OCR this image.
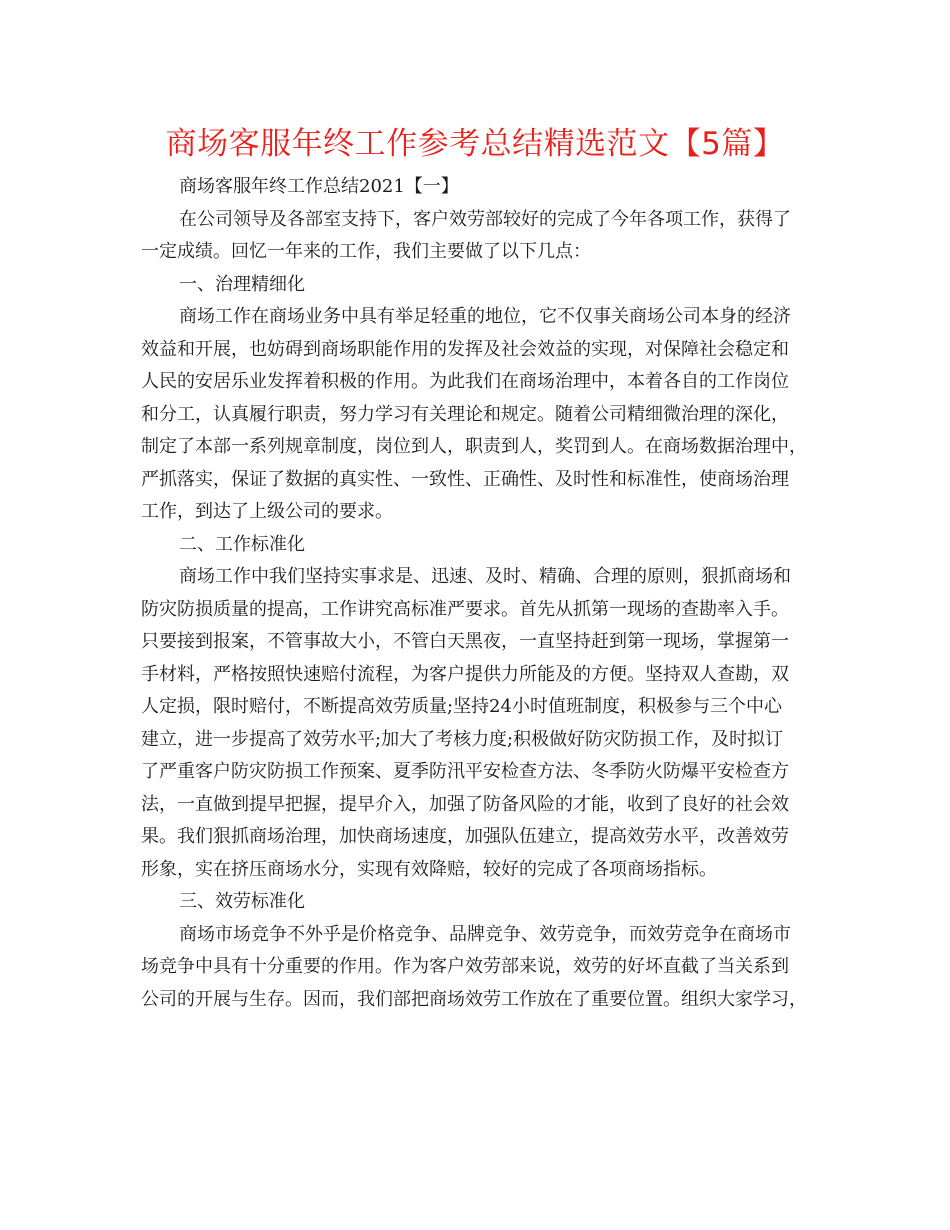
商场客服年终工作参考总结精选范文【5篇】

商场客服年终工作总结2021【一】

在公司领导及各部室支持下，客户效劳部较好的完成了今年各项工作，获得了

一定成绩。回忆一年来的工作，我们主要做了以下几点：

一、治理精细化

商场工作在商场业务中具有举足轻重的地位，它不仅事关商场公司本身的经济

效益和开展，也妨碍到商场职能作用的发挥及社会效益的实现，对保障社会稳定和

人民的安居乐业发挥着积极的作用。为此我们在商场治理中，本着各自的工作岗位

和分工，认真履行职责，努力学习有关理论和规定。随着公司精细微治理的深化，

制定了本部一系列规章制度，岗位到人，职责到人，奖罚到人。在商场数据治理中，

严抓落实，保证了数据的真实性、一致性、正确性、及时性和标准性，使商场治理

工作，到达了上级公司的要求。

二、工作标准化

商场工作中我们坚持实事求是、迅速、及时、精确、合理的原则，狠抓商场和

防灾防损质量的提高，工作讲究高标准严要求。首先从抓第一现场的查勘率入手。

只要接到报案，不管事故大小，不管白天黑夜，一直坚持赶到第一现场，掌握第一

手材料，严格按照快速赔付流程，为客户提供力所能及的方便。坚持双人查勘，双

人定损，限时赔付，不断提高效劳质量;坚持24小时值班制度，积极参与三个中心

建立，进一步提高了效劳水平;加大了考核力度;积极做好防灾防损工作，及时拟订

了严重客户防灾防损工作预案、夏季防汛平安检查方法、冬季防火防爆平安检查方

法，一直做到提早把握，提早介入，加强了防备风险的才能，收到了良好的社会效

果。我们狠抓商场治理，加快商场速度，加强队伍建立，提高效劳水平，改善效劳

形象，实在挤压商场水分，实现有效降赔，较好的完成了各项商场指标。

三、效劳标准化

商场市场竞争不外乎是价格竞争、品牌竞争、效劳竞争，而效劳竞争在商场市

场竞争中具有十分重要的作用。作为客户效劳部来说，效劳的好坏直截了当关系到

公司的开展与生存。因而，我们部把商场效劳工作放在了重要位置。组织大家学习，
